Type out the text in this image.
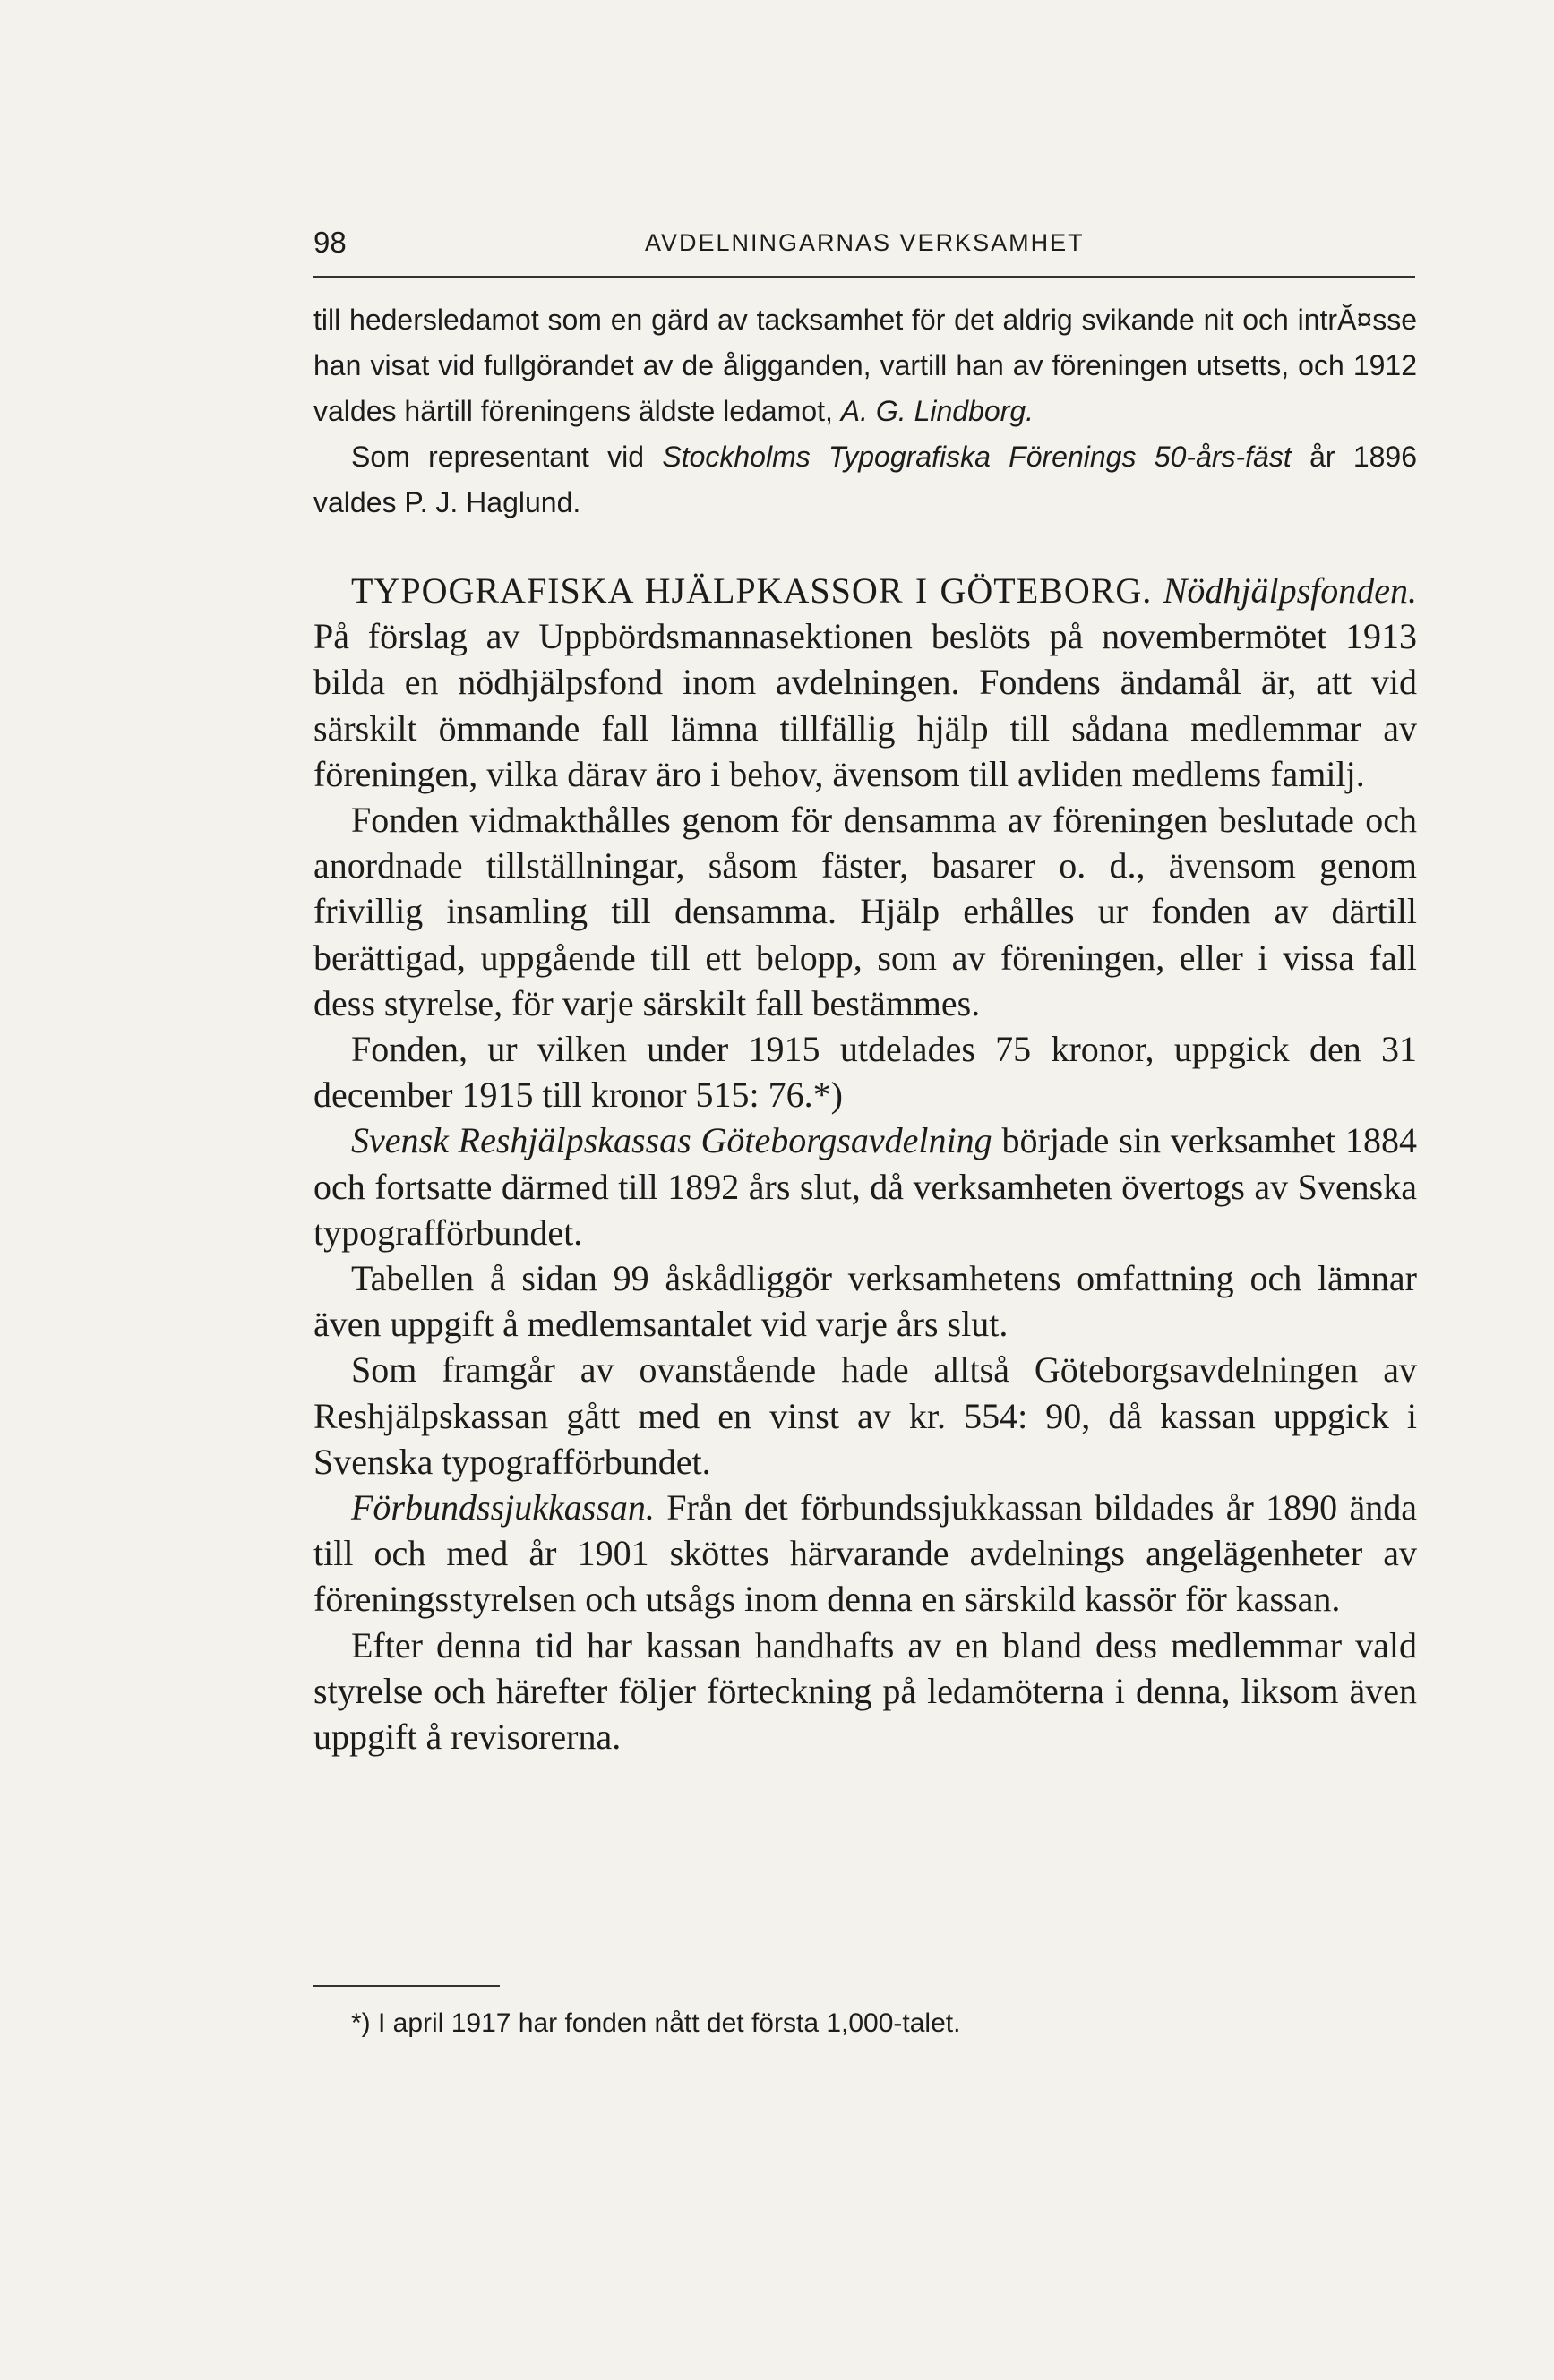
98	AVDELNINGARNAS VERKSAMHET

till hedersledamot som en gärd av tacksamhet för det aldrig svikande nit och intrĂ¤sse han visat vid fullgörandet av de åligganden, vartill han av föreningen utsetts, och 1912 valdes härtill föreningens äldste ledamot, A. G. Lindborg.

Som representant vid Stockholms Typografiska Förenings 50-års-fäst år 1896 valdes P. J. Haglund.

TYPOGRAFISKA HJÄLPKASSOR I GÖTEBORG. Nödhjälpsfonden. På förslag av Uppbördsmannasektionen beslöts på novembermötet 1913 bilda en nödhjälpsfond inom avdelningen. Fondens ändamål är, att vid särskilt ömmande fall lämna tillfällig hjälp till sådana medlemmar av föreningen, vilka därav äro i behov, ävensom till avliden medlems familj.

Fonden vidmakthålles genom för densamma av föreningen beslutade och anordnade tillställningar, såsom fäster, basarer o. d., ävensom genom frivillig insamling till densamma. Hjälp erhålles ur fonden av därtill berättigad, uppgående till ett belopp, som av föreningen, eller i vissa fall dess styrelse, för varje särskilt fall bestämmes.

Fonden, ur vilken under 1915 utdelades 75 kronor, uppgick den 31 december 1915 till kronor 515: 76.*)

Svensk Reshjälpskassas Göteborgsavdelning började sin verksamhet 1884 och fortsatte därmed till 1892 års slut, då verksamheten övertogs av Svenska typografförbundet.

Tabellen å sidan 99 åskådliggör verksamhetens omfattning och lämnar även uppgift å medlemsantalet vid varje års slut.

Som framgår av ovanstående hade alltså Göteborgsavdelningen av Reshjälpskassan gått med en vinst av kr. 554: 90, då kassan uppgick i Svenska typografförbundet.

Förbundssjukkassan. Från det förbundssjukkassan bildades år 1890 ända till och med år 1901 sköttes härvarande avdelnings angelägenheter av föreningsstyrelsen och utsågs inom denna en särskild kassör för kassan.

Efter denna tid har kassan handhafts av en bland dess medlemmar vald styrelse och härefter följer förteckning på ledamöterna i denna, liksom även uppgift å revisorerna.

*) I april 1917 har fonden nått det första 1,000-talet.
